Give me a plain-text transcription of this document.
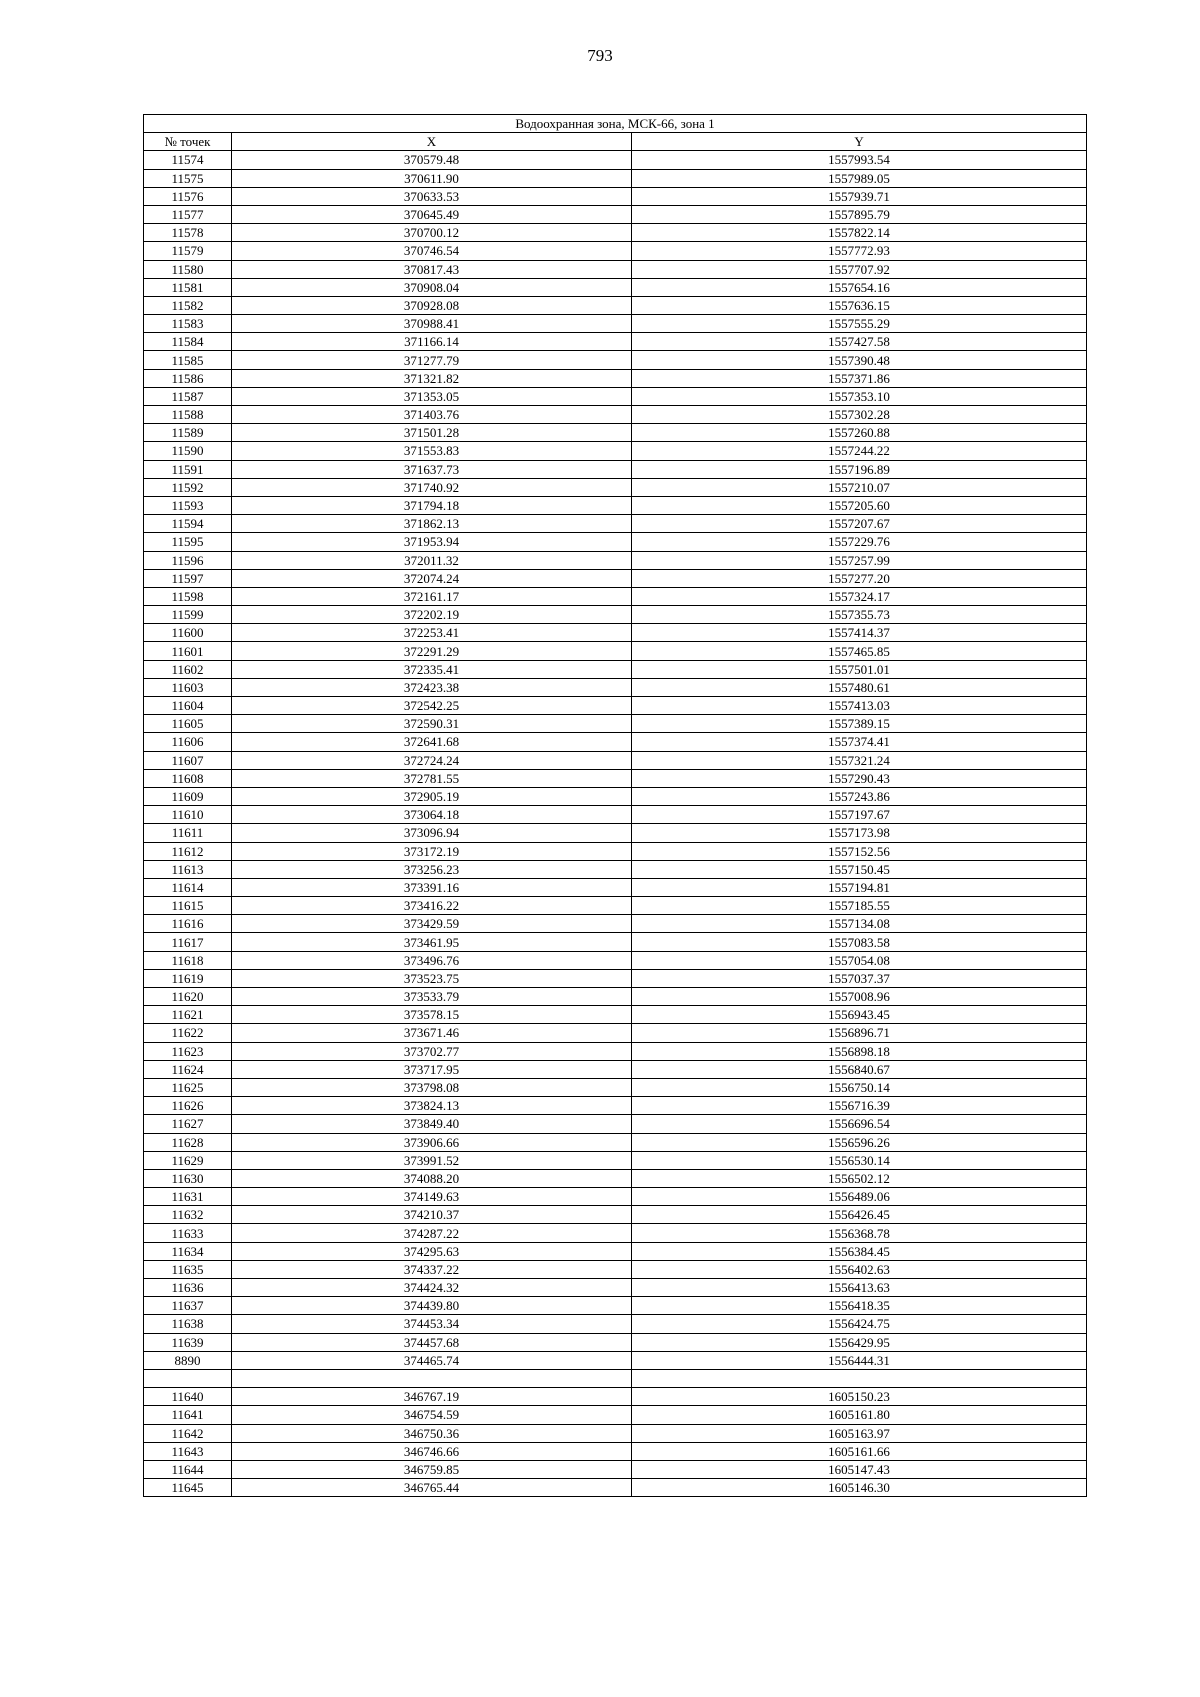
793
Водоохранная зона, МСК-66, зона 1		
№ точек	X	Y
11574	370579.48	1557993.54
11575	370611.90	1557989.05
11576	370633.53	1557939.71
11577	370645.49	1557895.79
11578	370700.12	1557822.14
11579	370746.54	1557772.93
11580	370817.43	1557707.92
11581	370908.04	1557654.16
11582	370928.08	1557636.15
11583	370988.41	1557555.29
11584	371166.14	1557427.58
11585	371277.79	1557390.48
11586	371321.82	1557371.86
11587	371353.05	1557353.10
11588	371403.76	1557302.28
11589	371501.28	1557260.88
11590	371553.83	1557244.22
11591	371637.73	1557196.89
11592	371740.92	1557210.07
11593	371794.18	1557205.60
11594	371862.13	1557207.67
11595	371953.94	1557229.76
11596	372011.32	1557257.99
11597	372074.24	1557277.20
11598	372161.17	1557324.17
11599	372202.19	1557355.73
11600	372253.41	1557414.37
11601	372291.29	1557465.85
11602	372335.41	1557501.01
11603	372423.38	1557480.61
11604	372542.25	1557413.03
11605	372590.31	1557389.15
11606	372641.68	1557374.41
11607	372724.24	1557321.24
11608	372781.55	1557290.43
11609	372905.19	1557243.86
11610	373064.18	1557197.67
11611	373096.94	1557173.98
11612	373172.19	1557152.56
11613	373256.23	1557150.45
11614	373391.16	1557194.81
11615	373416.22	1557185.55
11616	373429.59	1557134.08
11617	373461.95	1557083.58
11618	373496.76	1557054.08
11619	373523.75	1557037.37
11620	373533.79	1557008.96
11621	373578.15	1556943.45
11622	373671.46	1556896.71
11623	373702.77	1556898.18
11624	373717.95	1556840.67
11625	373798.08	1556750.14
11626	373824.13	1556716.39
11627	373849.40	1556696.54
11628	373906.66	1556596.26
11629	373991.52	1556530.14
11630	374088.20	1556502.12
11631	374149.63	1556489.06
11632	374210.37	1556426.45
11633	374287.22	1556368.78
11634	374295.63	1556384.45
11635	374337.22	1556402.63
11636	374424.32	1556413.63
11637	374439.80	1556418.35
11638	374453.34	1556424.75
11639	374457.68	1556429.95
8890	374465.74	1556444.31

11640	346767.19	1605150.23
11641	346754.59	1605161.80
11642	346750.36	1605163.97
11643	346746.66	1605161.66
11644	346759.85	1605147.43
11645	346765.44	1605146.30
